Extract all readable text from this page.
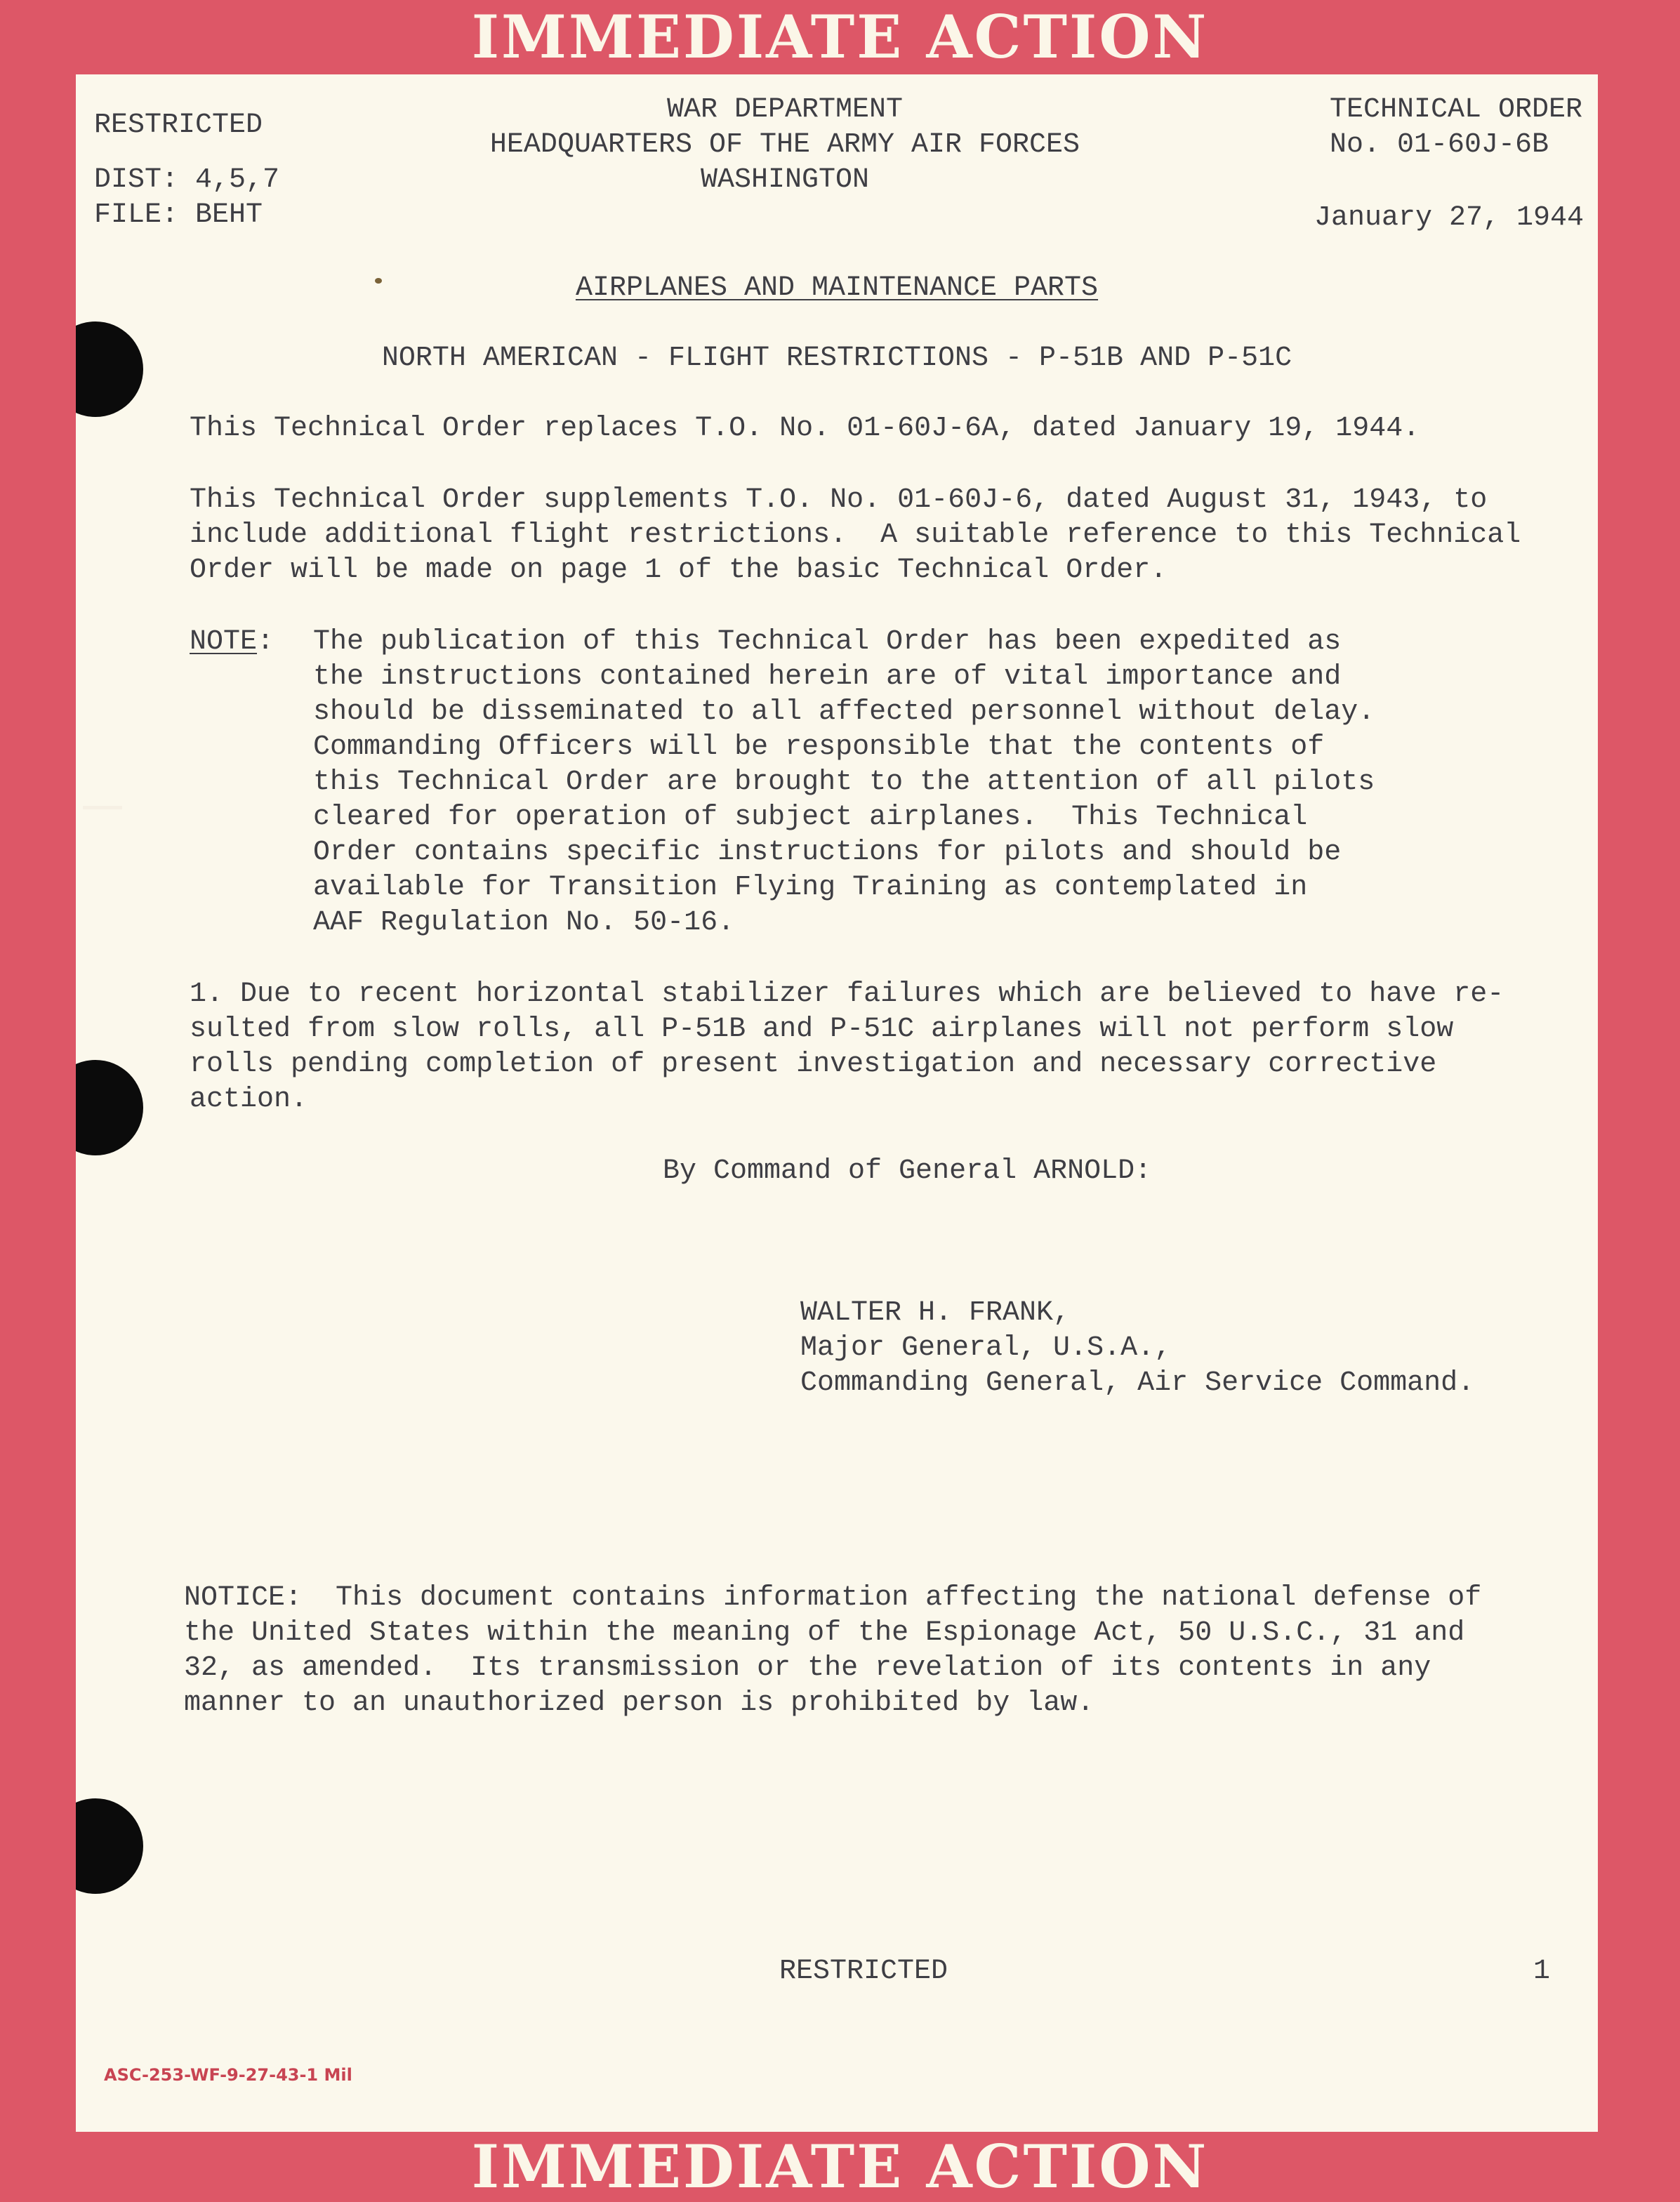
IMMEDIATE ACTION
RESTRICTED
DIST: 4,5,7
FILE: BEHT
WAR DEPARTMENT
HEADQUARTERS OF THE ARMY AIR FORCES
WASHINGTON
TECHNICAL ORDER
No. 01-60J-6B
January 27, 1944
AIRPLANES AND MAINTENANCE PARTS
NORTH AMERICAN - FLIGHT RESTRICTIONS - P-51B AND P-51C
This Technical Order replaces T.O. No. 01-60J-6A, dated January 19, 1944.
This Technical Order supplements T.O. No. 01-60J-6, dated August 31, 1943, to
include additional flight restrictions.  A suitable reference to this Technical
Order will be made on page 1 of the basic Technical Order.
NOTE: The publication of this Technical Order has been expedited as
the instructions contained herein are of vital importance and
should be disseminated to all affected personnel without delay.
Commanding Officers will be responsible that the contents of
this Technical Order are brought to the attention of all pilots
cleared for operation of subject airplanes.  This Technical
Order contains specific instructions for pilots and should be
available for Transition Flying Training as contemplated in
AAF Regulation No. 50-16.
1. Due to recent horizontal stabilizer failures which are believed to have re-
sulted from slow rolls, all P-51B and P-51C airplanes will not perform slow
rolls pending completion of present investigation and necessary corrective
action.
By Command of General ARNOLD:
WALTER H. FRANK,
Major General, U.S.A.,
Commanding General, Air Service Command.
NOTICE:  This document contains information affecting the national defense of
the United States within the meaning of the Espionage Act, 50 U.S.C., 31 and
32, as amended.  Its transmission or the revelation of its contents in any
manner to an unauthorized person is prohibited by law.
RESTRICTED	1
ASC-253-WF-9-27-43-1 Mil
IMMEDIATE ACTION
